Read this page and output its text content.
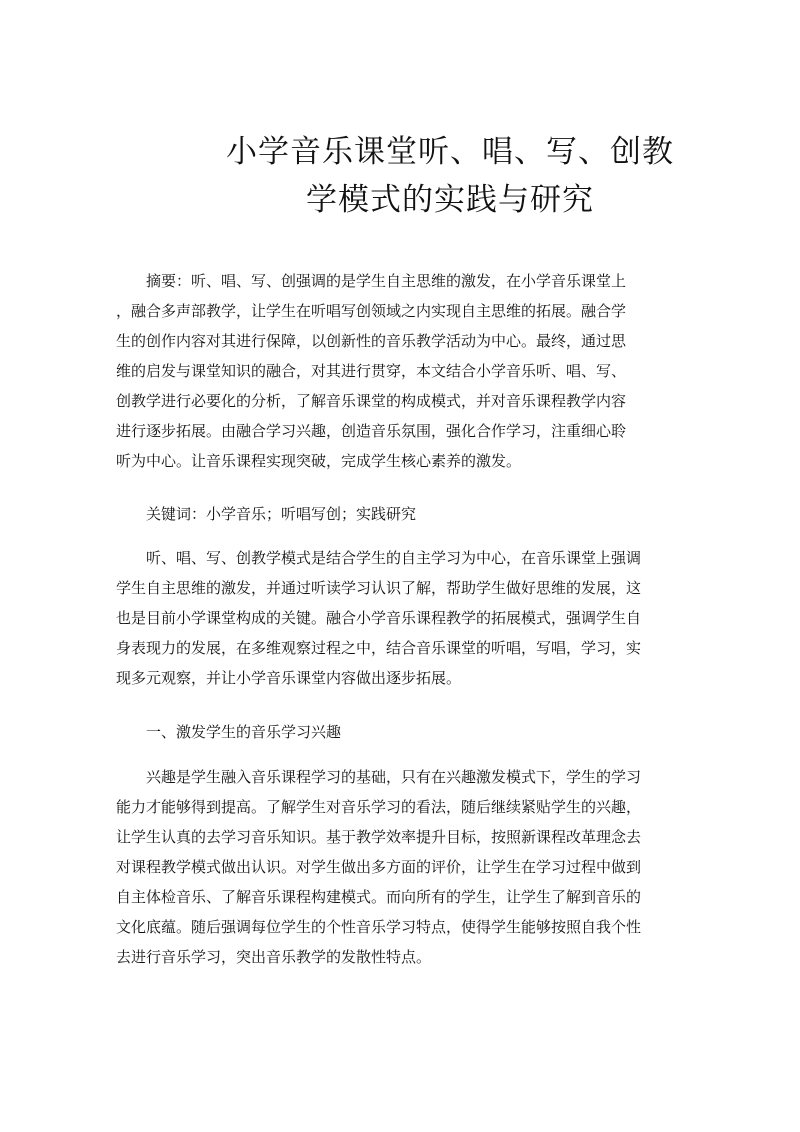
小学音乐课堂听、唱、写、创教
学模式的实践与研究
　　摘要：听、唱、写、创强调的是学生自主思维的激发，在小学音乐课堂上
，融合多声部教学，让学生在听唱写创领域之内实现自主思维的拓展。融合学
生的创作内容对其进行保障，以创新性的音乐教学活动为中心。最终，通过思
维的启发与课堂知识的融合，对其进行贯穿，本文结合小学音乐听、唱、写、
创教学进行必要化的分析，了解音乐课堂的构成模式，并对音乐课程教学内容
进行逐步拓展。由融合学习兴趣，创造音乐氛围，强化合作学习，注重细心聆
听为中心。让音乐课程实现突破，完成学生核心素养的激发。
　　关键词：小学音乐；听唱写创；实践研究
　　听、唱、写、创教学模式是结合学生的自主学习为中心，在音乐课堂上强调
学生自主思维的激发，并通过听读学习认识了解，帮助学生做好思维的发展，这
也是目前小学课堂构成的关键。融合小学音乐课程教学的拓展模式，强调学生自
身表现力的发展，在多维观察过程之中，结合音乐课堂的听唱，写唱，学习，实
现多元观察，并让小学音乐课堂内容做出逐步拓展。
　　一、激发学生的音乐学习兴趣
　　兴趣是学生融入音乐课程学习的基础，只有在兴趣激发模式下，学生的学习
能力才能够得到提高。了解学生对音乐学习的看法，随后继续紧贴学生的兴趣，
让学生认真的去学习音乐知识。基于教学效率提升目标，按照新课程改革理念去
对课程教学模式做出认识。对学生做出多方面的评价，让学生在学习过程中做到
自主体检音乐、了解音乐课程构建模式。而向所有的学生，让学生了解到音乐的
文化底蕴。随后强调每位学生的个性音乐学习特点，使得学生能够按照自我个性
去进行音乐学习，突出音乐教学的发散性特点。
